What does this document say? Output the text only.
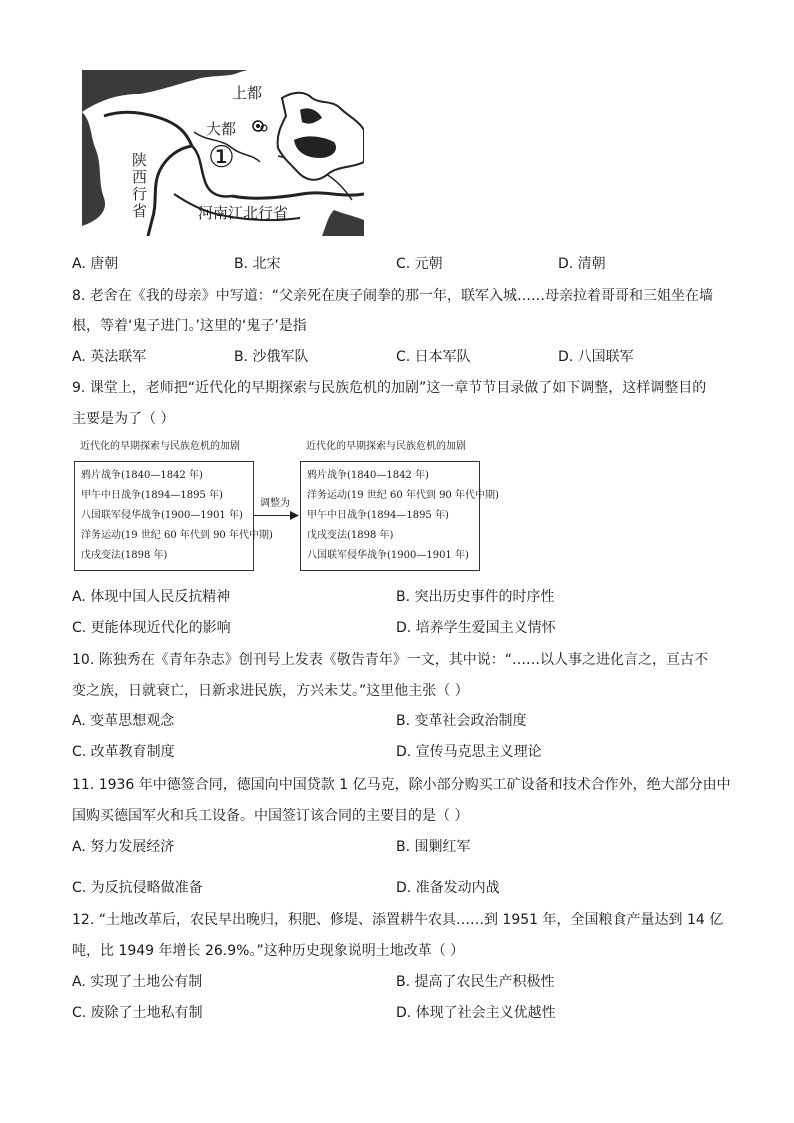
上都
大都
①
陕
西
行
省	河南江北行省
A. 唐朝	B. 北宋	C. 元朝	D. 清朝
8. 老舍在《我的母亲》中写道：“父亲死在庚子闹拳的那一年，联军入城……母亲拉着哥哥和三姐坐在墙
根，等着‘鬼子进门。’这里的‘鬼子’是指
A. 英法联军	B. 沙俄军队	C. 日本军队	D. 八国联军
9. 课堂上，老师把“近代化的早期探索与民族危机的加剧”这一章节节目录做了如下调整，这样调整目的
主要是为了（ ）
近代化的早期探索与民族危机的加剧
鸦片战争(1840—1842 年)
甲午中日战争(1894—1895 年)
八国联军侵华战争(1900—1901 年)
洋务运动(19 世纪 60 年代到 90 年代中期)
戊戌变法(1898 年)
调整为
近代化的早期探索与民族危机的加剧
鸦片战争(1840—1842 年)
洋务运动(19 世纪 60 年代到 90 年代中期)
甲午中日战争(1894—1895 年)
戊戌变法(1898 年)
八国联军侵华战争(1900—1901 年)
A. 体现中国人民反抗精神	B. 突出历史事件的时序性
C. 更能体现近代化的影响	D. 培养学生爱国主义情怀
10. 陈独秀在《青年杂志》创刊号上发表《敬告青年》一文，其中说：“……以人事之进化言之，亘古不
变之族，日就衰亡，日新求进民族，方兴未艾。”这里他主张（ ）
A. 变革思想观念	B. 变革社会政治制度
C. 改革教育制度	D. 宣传马克思主义理论
11. 1936 年中德签合同，德国向中国贷款 1 亿马克，除小部分购买工矿设备和技术合作外，绝大部分由中
国购买德国军火和兵工设备。中国签订该合同的主要目的是（ ）
A. 努力发展经济	B. 围剿红军
C. 为反抗侵略做准备	D. 准备发动内战
12. “土地改革后，农民早出晚归，积肥、修堤、添置耕牛农具……到 1951 年，全国粮食产量达到 14 亿
吨，比 1949 年增长 26.9%。”这种历史现象说明土地改革（ ）
A. 实现了土地公有制	B. 提高了农民生产积极性
C. 废除了土地私有制	D. 体现了社会主义优越性
